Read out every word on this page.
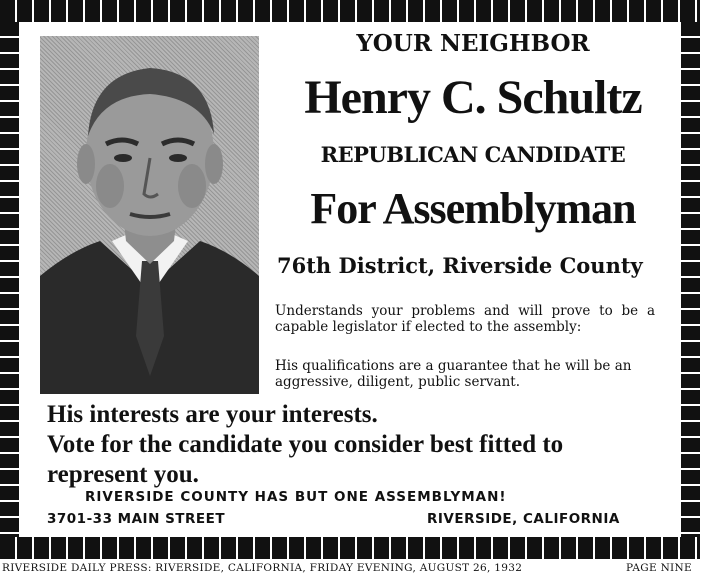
YOUR NEIGHBOR
Henry C. Schultz
REPUBLICAN CANDIDATE
For Assemblyman
76th District, Riverside County
Understands your problems and will prove to be a capable legislator if elected to the assembly:
His qualifications are a guarantee that he will be an aggressive, diligent, public servant.
His interests are your interests.
Vote for the candidate you consider best fitted to
represent you.
RIVERSIDE COUNTY HAS BUT ONE ASSEMBLYMAN!
3701-33 MAIN STREET	RIVERSIDE, CALIFORNIA
RIVERSIDE DAILY PRESS: RIVERSIDE, CALIFORNIA, FRIDAY EVENING, AUGUST 26, 1932	PAGE NINE
